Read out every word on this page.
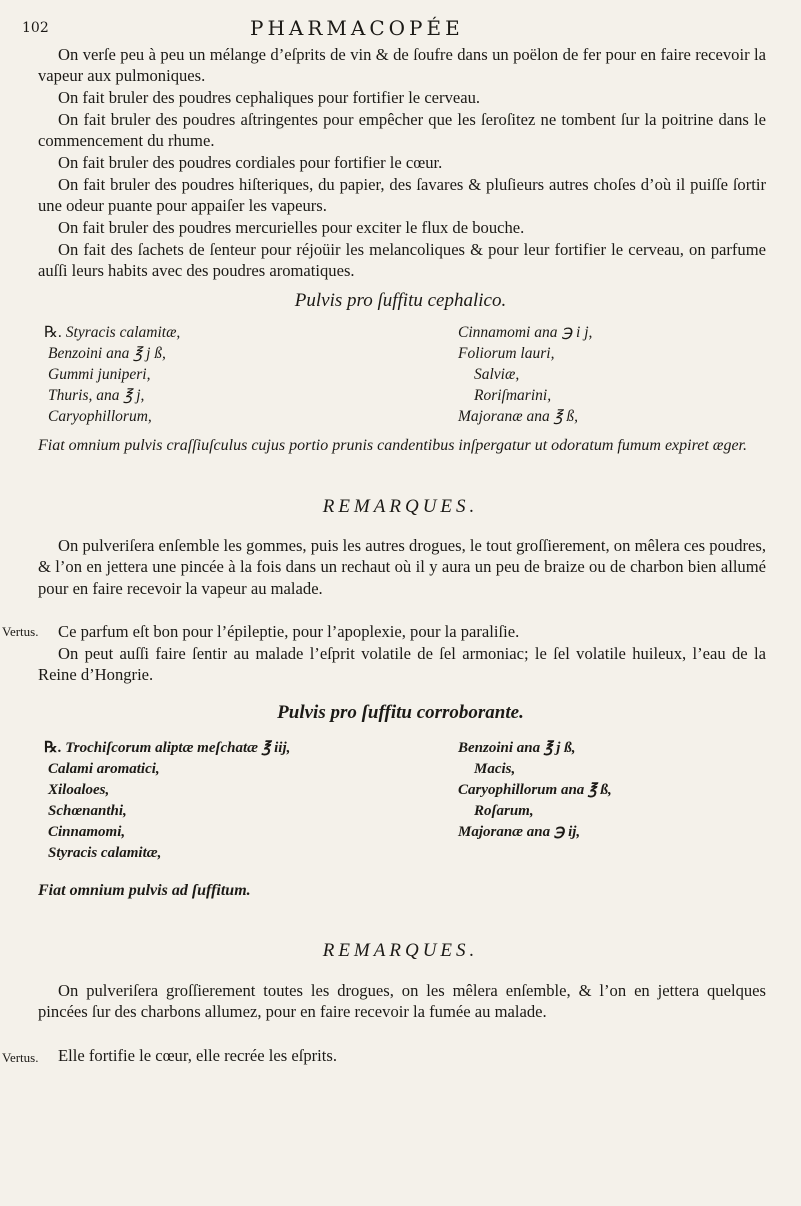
102	PHARMACOPÉE
On verſe peu à peu un mélange d’eſprits de vin & de ſoufre dans un poëlon de fer pour en faire recevoir la vapeur aux pulmoniques.
On fait bruler des poudres cephaliques pour fortifier le cerveau.
On fait bruler des poudres aſtringentes pour empêcher que les ſeroſitez ne tombent ſur la poitrine dans le commencement du rhume.
On fait bruler des poudres cordiales pour fortifier le cœur.
On fait bruler des poudres hiſteriques, du papier, des ſavares & pluſieurs autres choſes d’où il puiſſe ſortir une odeur puante pour appaiſer les vapeurs.
On fait bruler des poudres mercurielles pour exciter le flux de bouche.
On fait des ſachets de ſenteur pour réjoüir les melancoliques & pour leur fortifier le cerveau, on parfume auſſi leurs habits avec des poudres aromatiques.
Pulvis pro ſuffitu cephalico.
℞. Styracis calamitæ,
Benzoini ana ℥ j ß,
Gummi juniperi,
Thuris, ana ℥ j,
Caryophillorum,
Cinnamomi ana ℈ i j,
Foliorum lauri,
Salviæ,
Roriſmarini,
Majoranæ ana ℥ ß,
Fiat omnium pulvis craſſiuſculus cujus portio prunis candentibus inſpergatur ut odoratum fumum expiret æger.
REMARQUES.
On pulveriſera enſemble les gommes, puis les autres drogues, le tout groſſierement, on mêlera ces poudres, & l’on en jettera une pincée à la fois dans un rechaut où il y aura un peu de braize ou de charbon bien allumé pour en faire recevoir la vapeur au malade.
Ce parfum eſt bon pour l’épileptie, pour l’apoplexie, pour la paraliſie.
On peut auſſi faire ſentir au malade l’eſprit volatile de ſel armoniac; le ſel volatile huileux, l’eau de la Reine d’Hongrie.
Vertus.
Pulvis pro ſuffitu corroborante.
℞. Trochiſcorum aliptæ meſchatæ ℥ iij,
Calami aromatici,
Xiloaloes,
Schœnanthi,
Cinnamomi,
Styracis calamitæ,
Benzoini ana ℥ j ß,
Macis,
Caryophillorum ana ℥ ß,
Roſarum,
Majoranæ ana ℈ ij,
Fiat omnium pulvis ad ſuffitum.
REMARQUES.
On pulveriſera groſſierement toutes les drogues, on les mêlera enſemble, & l’on en jettera quelques pincées ſur des charbons allumez, pour en faire recevoir la fumée au malade.
Elle fortifie le cœur, elle recrée les eſprits.
Vertus.
